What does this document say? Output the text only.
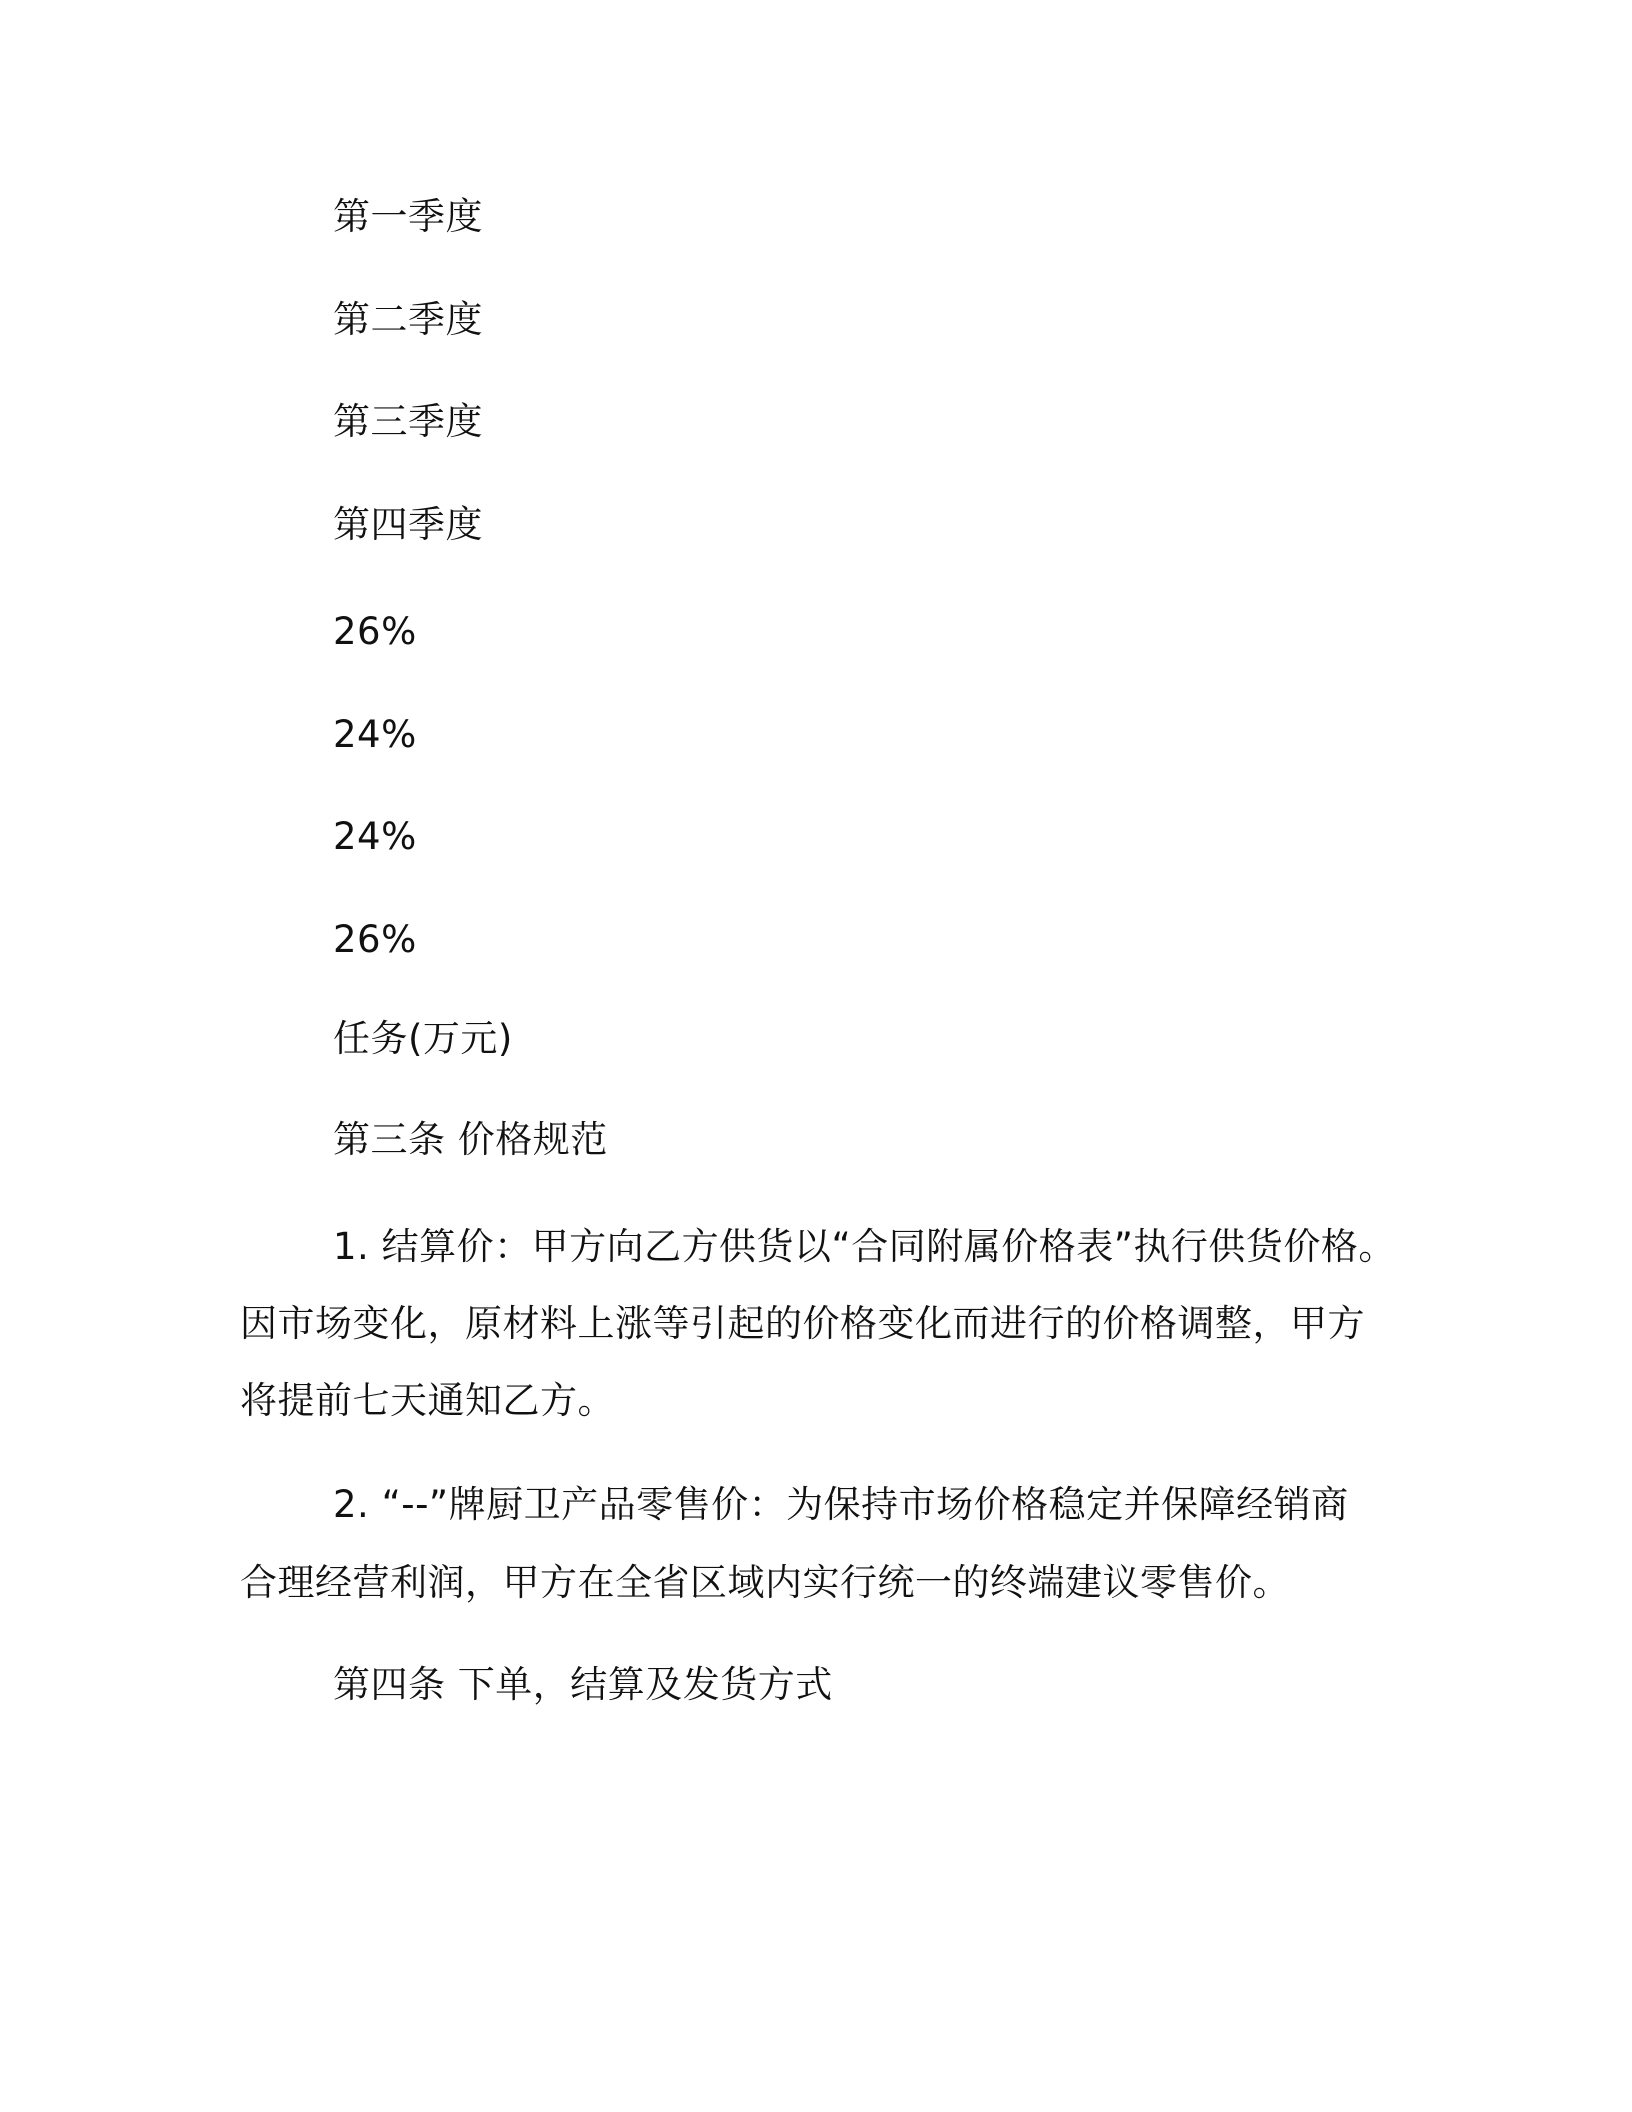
第一季度
第二季度
第三季度
第四季度
26%
24%
24%
26%
任务(万元)
第三条 价格规范
1. 结算价：甲方向乙方供货以“合同附属价格表”执行供货价格。
因市场变化，原材料上涨等引起的价格变化而进行的价格调整，甲方
将提前七天通知乙方。
2. “--”牌厨卫产品零售价：为保持市场价格稳定并保障经销商
合理经营利润，甲方在全省区域内实行统一的终端建议零售价。
第四条 下单，结算及发货方式
